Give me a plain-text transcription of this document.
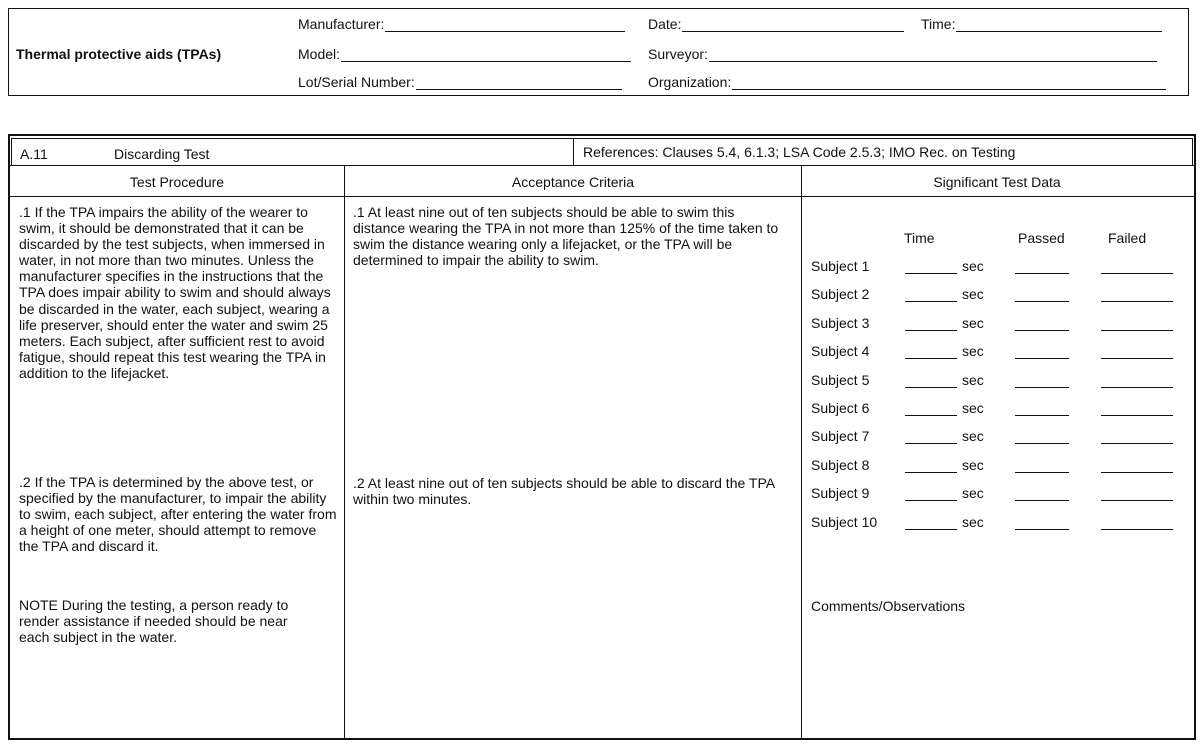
Thermal protective aids (TPAs)
Manufacturer:	Date:	Time:
Model:	Surveyor:
Lot/Serial Number:	Organization:
A.11	Discarding Test	References: Clauses 5.4, 6.1.3; LSA Code 2.5.3; IMO Rec. on Testing
Test Procedure	Acceptance Criteria	Significant Test Data
.1 If the TPA impairs the ability of the wearer to swim, it should be demonstrated that it can be discarded by the test subjects, when immersed in water, in not more than two minutes. Unless the manufacturer specifies in the instructions that the TPA does impair ability to swim and should always be discarded in the water, each subject, wearing a life preserver, should enter the water and swim 25 meters. Each subject, after sufficient rest to avoid fatigue, should repeat this test wearing the TPA in addition to the lifejacket.
.2 If the TPA is determined by the above test, or specified by the manufacturer, to impair the ability to swim, each subject, after entering the water from a height of one meter, should attempt to remove the TPA and discard it.
NOTE During the testing, a person ready to render assistance if needed should be near each subject in the water.
.1 At least nine out of ten subjects should be able to swim this distance wearing the TPA in not more than 125% of the time taken to swim the distance wearing only a lifejacket, or the TPA will be determined to impair the ability to swim.
.2 At least nine out of ten subjects should be able to discard the TPA within two minutes.
Time	Passed	Failed
Subject 1	sec
Subject 2	sec
Subject 3	sec
Subject 4	sec
Subject 5	sec
Subject 6	sec
Subject 7	sec
Subject 8	sec
Subject 9	sec
Subject 10	sec
Comments/Observations
